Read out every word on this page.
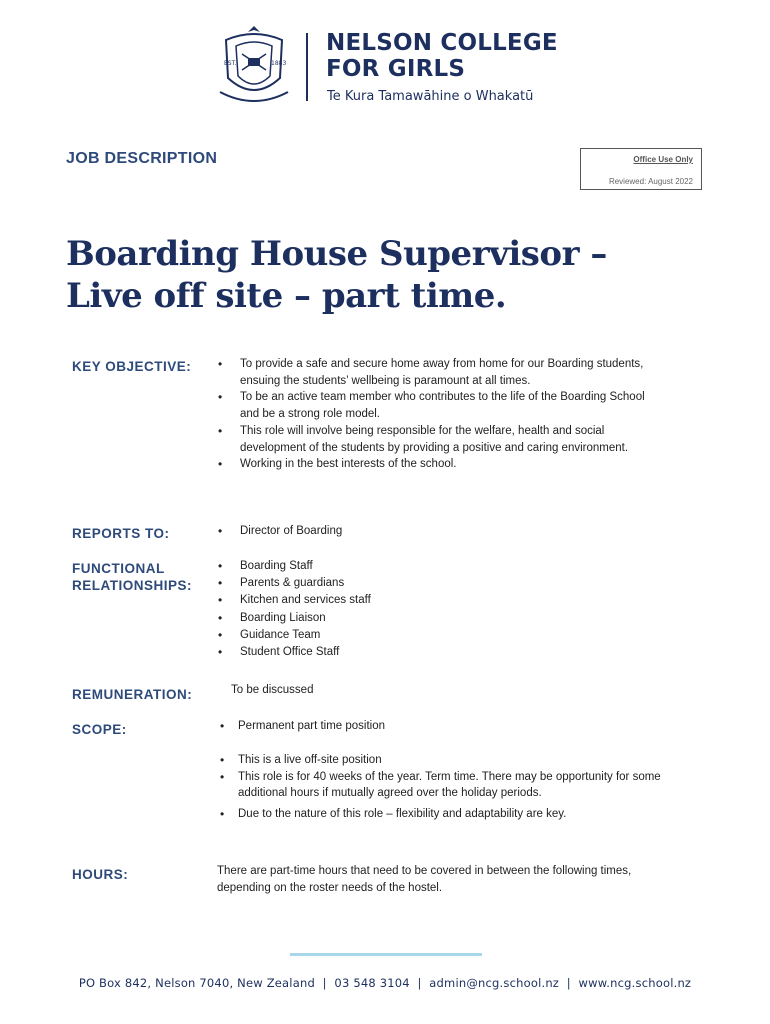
EST.	1883
NELSON COLLEGE
FOR GIRLS
Te Kura Tamawāhine o Whakatū
JOB DESCRIPTION	Office Use Only
Reviewed: August 2022
Boarding House Supervisor –
Live off site – part time.
KEY OBJECTIVE:	• To provide a safe and secure home away from home for our Boarding students, ensuing the students’ wellbeing is paramount at all times.
• To be an active team member who contributes to the life of the Boarding School and be a strong role model.
• This role will involve being responsible for the welfare, health and social development of the students by providing a positive and caring environment.
• Working in the best interests of the school.
REPORTS TO:	• Director of Boarding
FUNCTIONAL
RELATIONSHIPS:
• Boarding Staff
• Parents & guardians
• Kitchen and services staff
• Boarding Liaison
• Guidance Team
• Student Office Staff
REMUNERATION:	To be discussed
SCOPE:	• Permanent part time position
• This is a live off-site position
• This role is for 40 weeks of the year. Term time. There may be opportunity for some additional hours if mutually agreed over the holiday periods.
• Due to the nature of this role – flexibility and adaptability are key.
HOURS:	There are part-time hours that need to be covered in between the following times, depending on the roster needs of the hostel.
PO Box 842, Nelson 7040, New Zealand  |  03 548 3104  |  admin@ncg.school.nz  |  www.ncg.school.nz
